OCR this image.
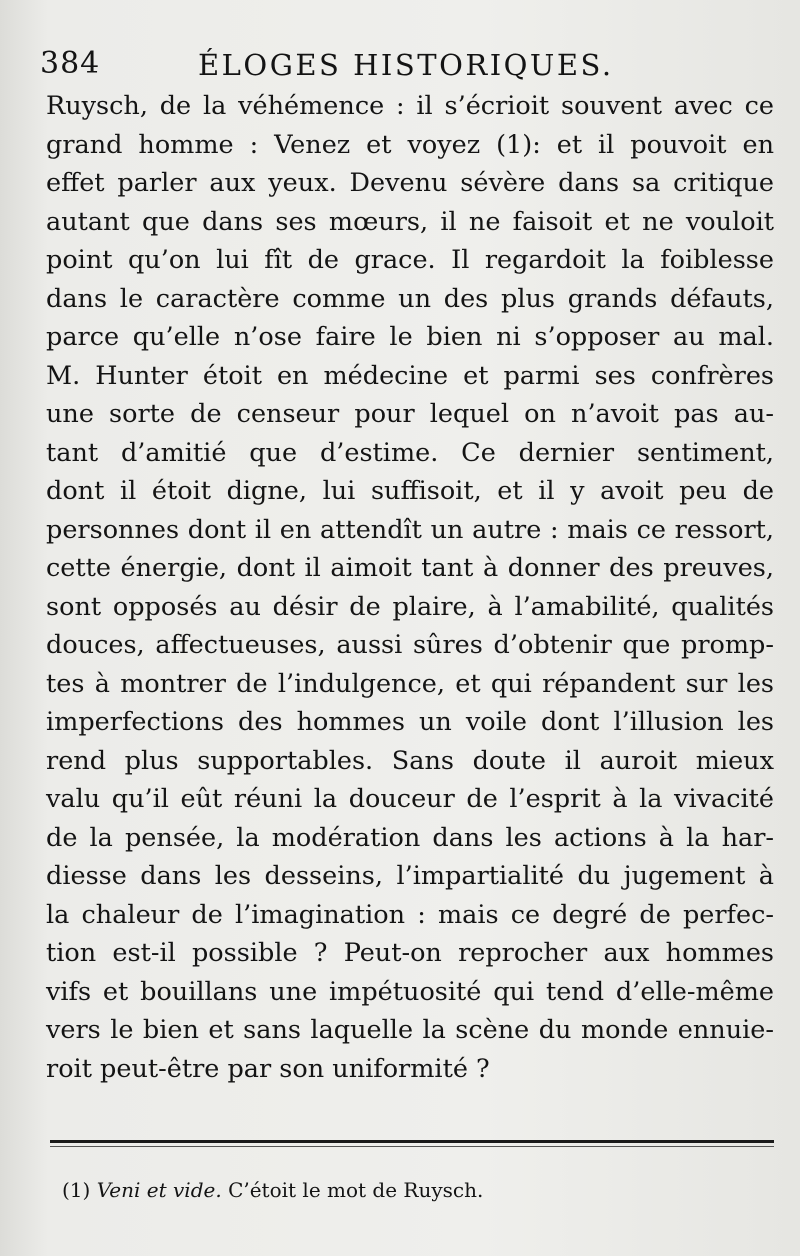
384	ÉLOGES HISTORIQUES.
Ruysch, de la véhémence : il s’écrioit souvent avec ce
grand homme : Venez et voyez (1): et il pouvoit en
effet parler aux yeux. Devenu sévère dans sa critique
autant que dans ses mœurs, il ne faisoit et ne vouloit
point qu’on lui fît de grace. Il regardoit la foiblesse
dans le caractère comme un des plus grands défauts,
parce qu’elle n’ose faire le bien ni s’opposer au mal.
M. Hunter étoit en médecine et parmi ses confrères
une sorte de censeur pour lequel on n’avoit pas au-
tant d’amitié que d’estime. Ce dernier sentiment,
dont il étoit digne, lui suffisoit, et il y avoit peu de
personnes dont il en attendît un autre : mais ce ressort,
cette énergie, dont il aimoit tant à donner des preuves,
sont opposés au désir de plaire, à l’amabilité, qualités
douces, affectueuses, aussi sûres d’obtenir que promp-
tes à montrer de l’indulgence, et qui répandent sur les
imperfections des hommes un voile dont l’illusion les
rend plus supportables. Sans doute il auroit mieux
valu qu’il eût réuni la douceur de l’esprit à la vivacité
de la pensée, la modération dans les actions à la har-
diesse dans les desseins, l’impartialité du jugement à
la chaleur de l’imagination : mais ce degré de perfec-
tion est-il possible ? Peut-on reprocher aux hommes
vifs et bouillans une impétuosité qui tend d’elle-même
vers le bien et sans laquelle la scène du monde ennuie-
roit peut-être par son uniformité ?
(1) Veni et vide. C’étoit le mot de Ruysch.
